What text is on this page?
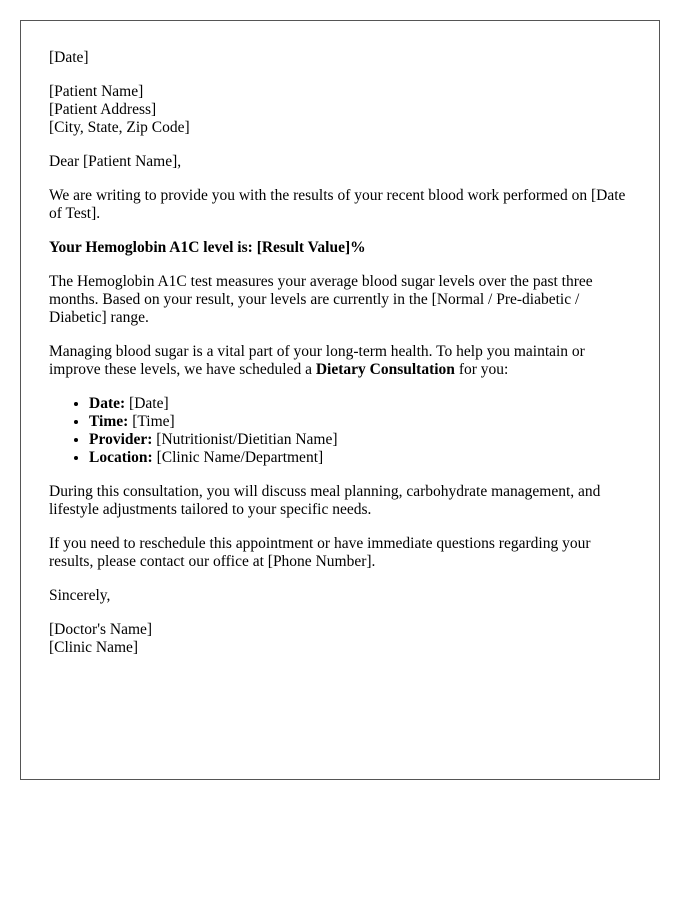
[Date]

[Patient Name]
[Patient Address]
[City, State, Zip Code]

Dear [Patient Name],

We are writing to provide you with the results of your recent blood work performed on [Date of Test].

Your Hemoglobin A1C level is: [Result Value]%

The Hemoglobin A1C test measures your average blood sugar levels over the past three months. Based on your result, your levels are currently in the [Normal / Pre-diabetic / Diabetic] range.

Managing blood sugar is a vital part of your long-term health. To help you maintain or improve these levels, we have scheduled a Dietary Consultation for you:

• Date: [Date]
• Time: [Time]
• Provider: [Nutritionist/Dietitian Name]
• Location: [Clinic Name/Department]

During this consultation, you will discuss meal planning, carbohydrate management, and lifestyle adjustments tailored to your specific needs.

If you need to reschedule this appointment or have immediate questions regarding your results, please contact our office at [Phone Number].

Sincerely,

[Doctor's Name]
[Clinic Name]
